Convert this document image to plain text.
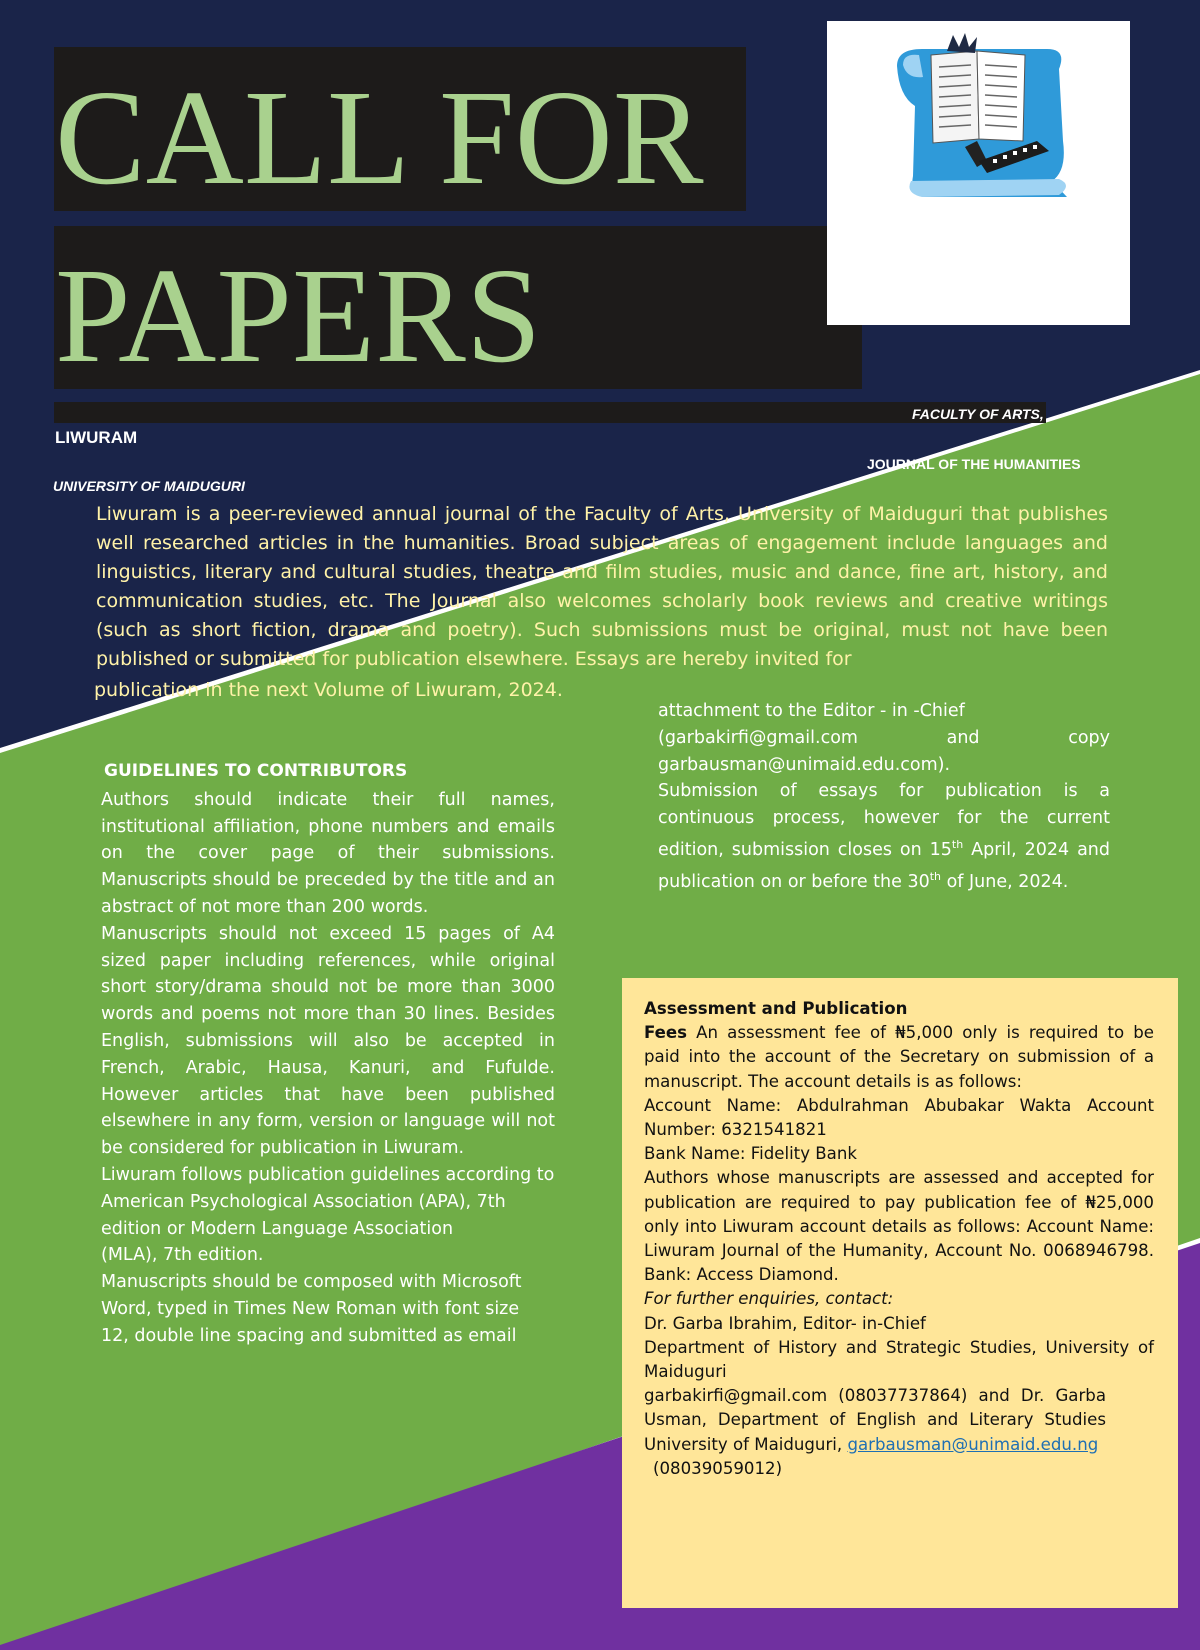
CALL FOR
PAPERS
LIWURAM
FACULTY OF ARTS,
JOURNAL OF THE HUMANITIES
UNIVERSITY OF MAIDUGURI
Liwuram is a peer-reviewed annual journal of the Faculty of Arts, University of Maiduguri that publishes well researched articles in the humanities. Broad subject areas of engagement include languages and linguistics, literary and cultural studies, theatre and film studies, music and dance, fine art, history, and communication studies, etc. The Journal also welcomes scholarly book reviews and creative writings (such as short fiction, drama and poetry). Such submissions must be original, must not have been published or submitted for publication elsewhere. Essays are hereby invited for
publication in the next Volume of Liwuram, 2024.
GUIDELINES TO CONTRIBUTORS

Authors should indicate their full names, institutional affiliation, phone numbers and emails on the cover page of their submissions. Manuscripts should be preceded by the title and an abstract of not more than 200 words.

Manuscripts should not exceed 15 pages of A4 sized paper including references, while original short story/drama should not be more than 3000 words and poems not more than 30 lines. Besides English, submissions will also be accepted in French, Arabic, Hausa, Kanuri, and Fufulde. However articles that have been published elsewhere in any form, version or language will not be considered for publication in Liwuram.

Liwuram follows publication guidelines according to American Psychological Association (APA), 7th edition or Modern Language Association

(MLA), 7th edition.

Manuscripts should be composed with Microsoft Word, typed in Times New Roman with font size

12, double line spacing and submitted as email

attachment to the Editor - in -Chief

(garbakirfi@gmail.com and copy garbausman@unimaid.edu.com).

Submission of essays for publication is a continuous process, however for the current edition, submission closes on 15th April, 2024 and publication on or before the 30th of June, 2024.

Assessment and Publication

Fees An assessment fee of ₦5,000 only is required to be paid into the account of the Secretary on submission of a manuscript. The account details is as follows:

Account Name: Abdulrahman Abubakar Wakta Account Number: 6321541821

Bank Name: Fidelity Bank

Authors whose manuscripts are assessed and accepted for publication are required to pay publication fee of ₦25,000 only into Liwuram account details as follows: Account Name: Liwuram Journal of the Humanity, Account No. 0068946798. Bank: Access Diamond.

For further enquiries, contact:

Dr. Garba Ibrahim, Editor- in-Chief

Department of History and Strategic Studies, University of Maiduguri

garbakirfi@gmail.com (08037737864) and Dr. Garba Usman, Department of English and Literary Studies University of Maiduguri, garbausman@unimaid.edu.ng

(08039059012)
